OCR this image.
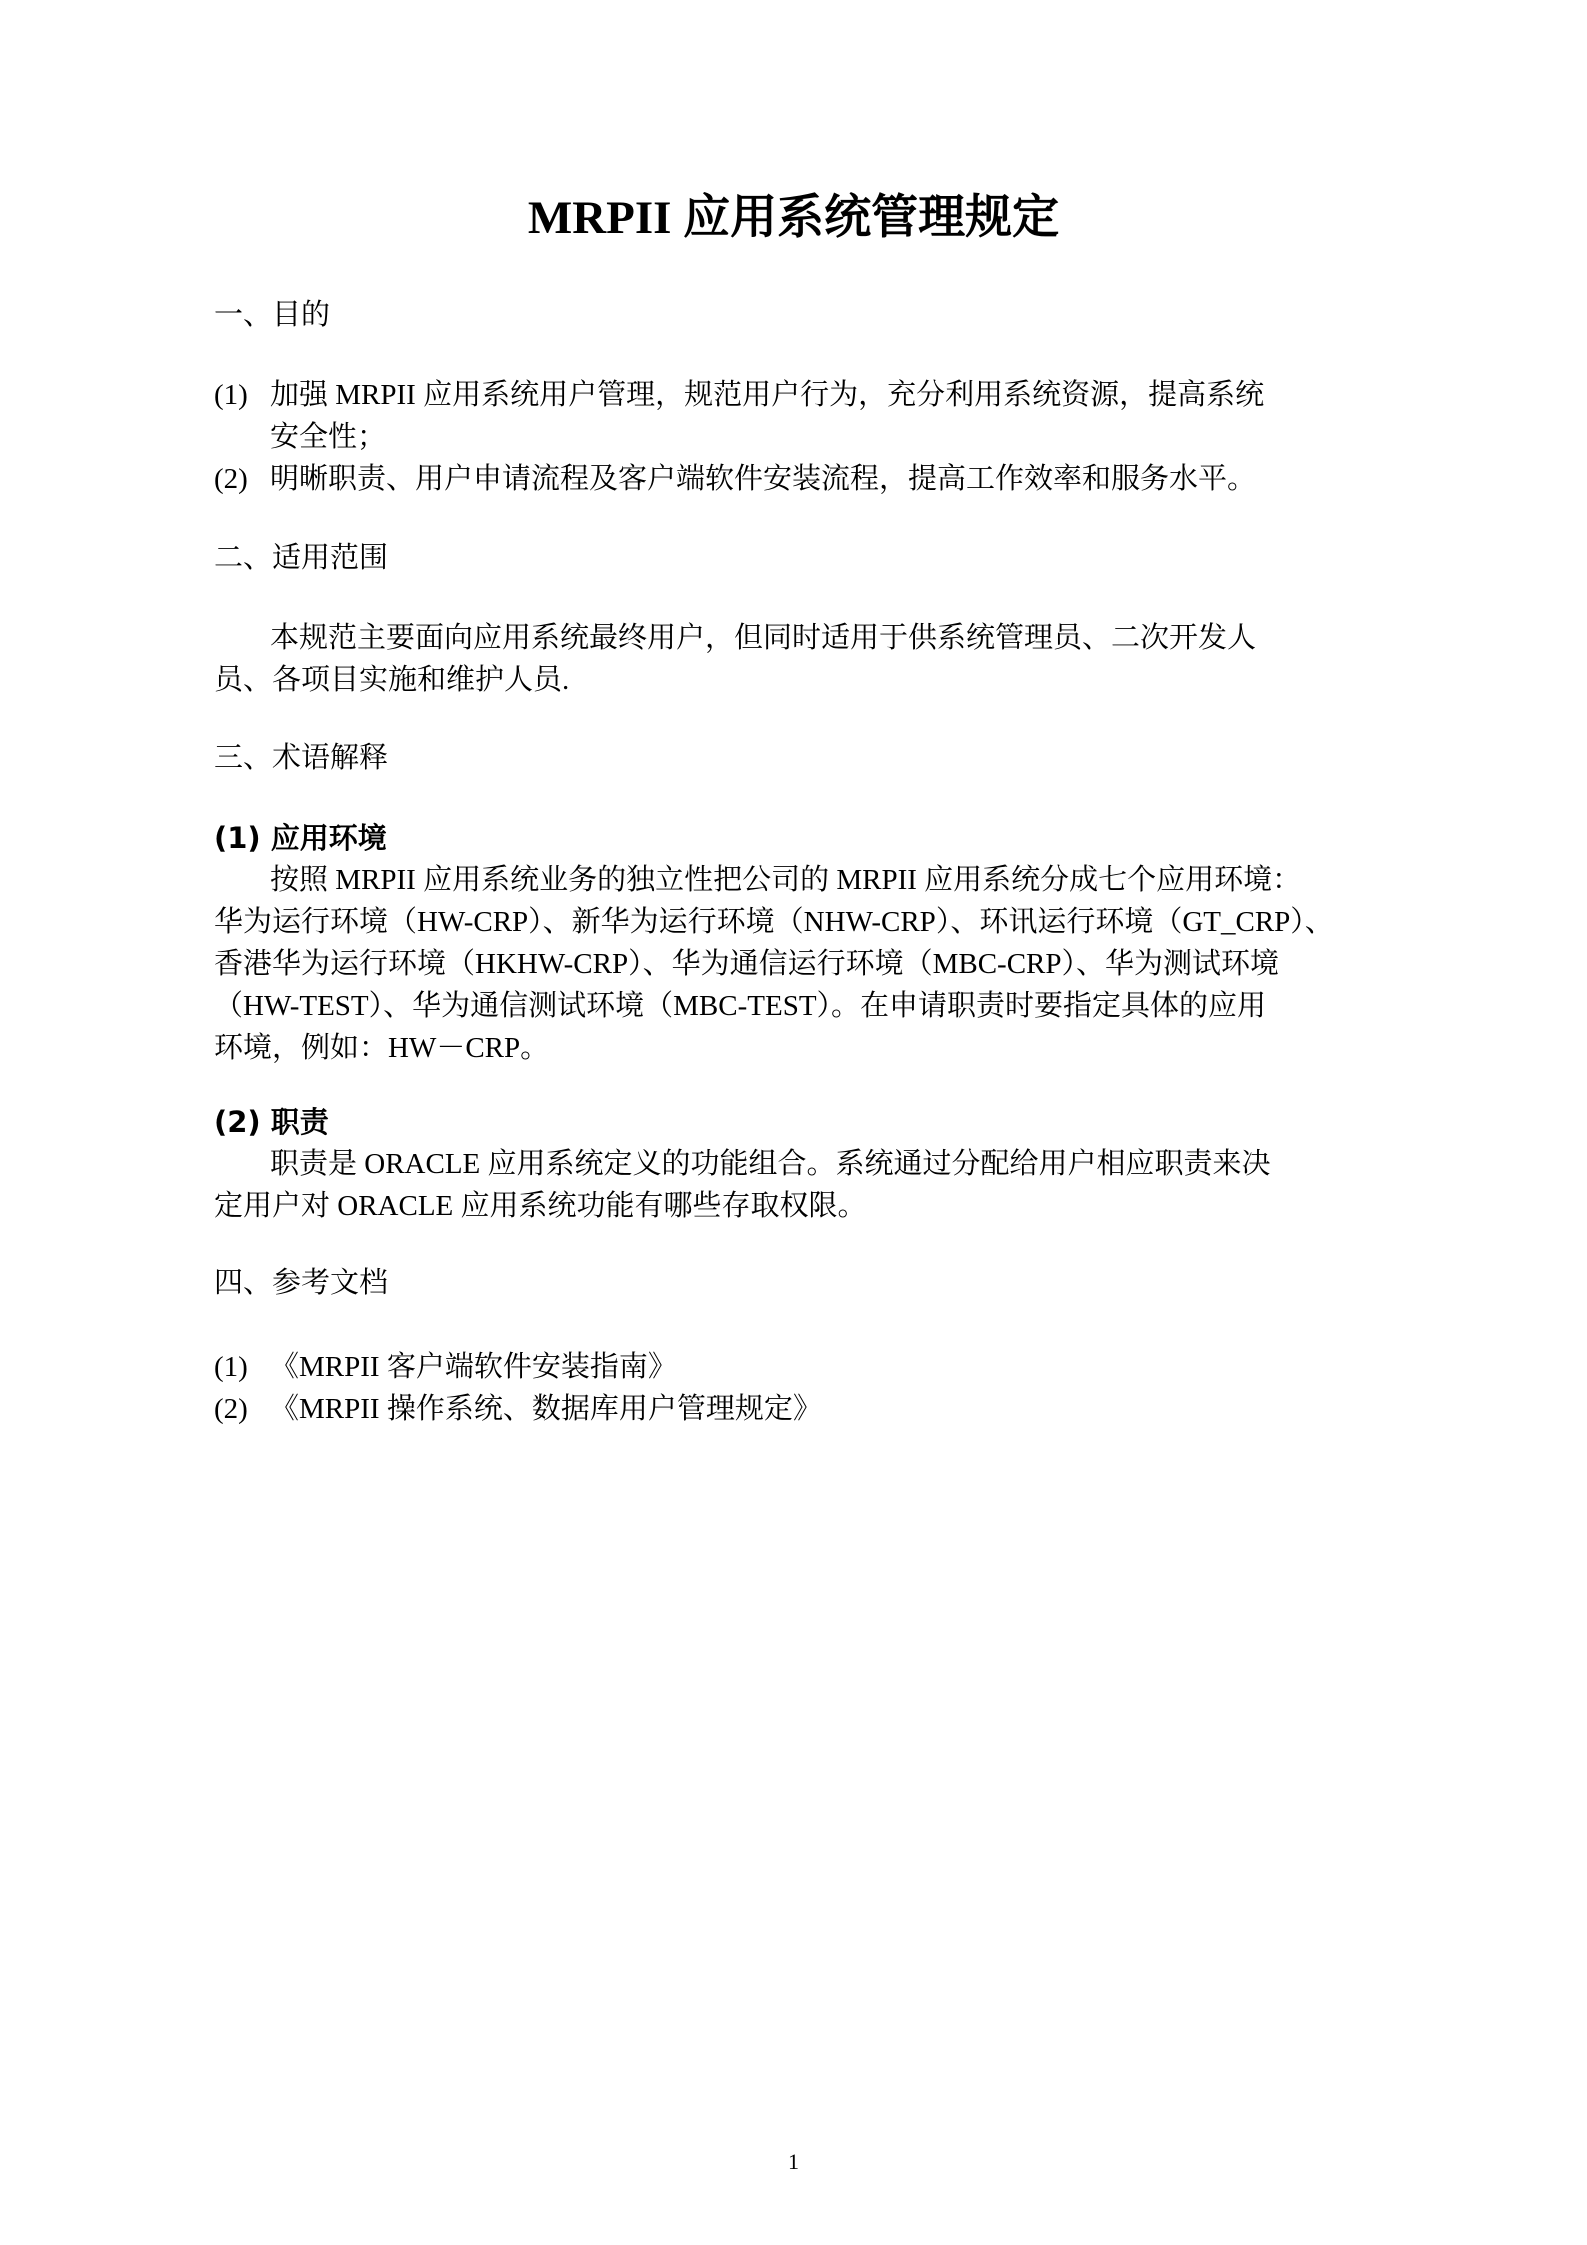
MRPII 应用系统管理规定
一、目的
(1) 加强 MRPII 应用系统用户管理，规范用户行为，充分利用系统资源，提高系统
安全性；
(2) 明晰职责、用户申请流程及客户端软件安装流程，提高工作效率和服务水平。
二、适用范围
本规范主要面向应用系统最终用户，但同时适用于供系统管理员、二次开发人
员、各项目实施和维护人员.
三、术语解释
(1) 应用环境
按照 MRPII 应用系统业务的独立性把公司的 MRPII 应用系统分成七个应用环境：
华为运行环境（HW-CRP）、新华为运行环境（NHW-CRP）、环讯运行环境（GT_CRP）、
香港华为运行环境（HKHW-CRP）、华为通信运行环境（MBC-CRP）、华为测试环境
（HW-TEST）、华为通信测试环境（MBC-TEST）。在申请职责时要指定具体的应用
环境，例如：HW－CRP。
(2) 职责
职责是 ORACLE 应用系统定义的功能组合。系统通过分配给用户相应职责来决
定用户对 ORACLE 应用系统功能有哪些存取权限。
四、参考文档
(1) 《MRPII 客户端软件安装指南》
(2) 《MRPII 操作系统、数据库用户管理规定》
1
